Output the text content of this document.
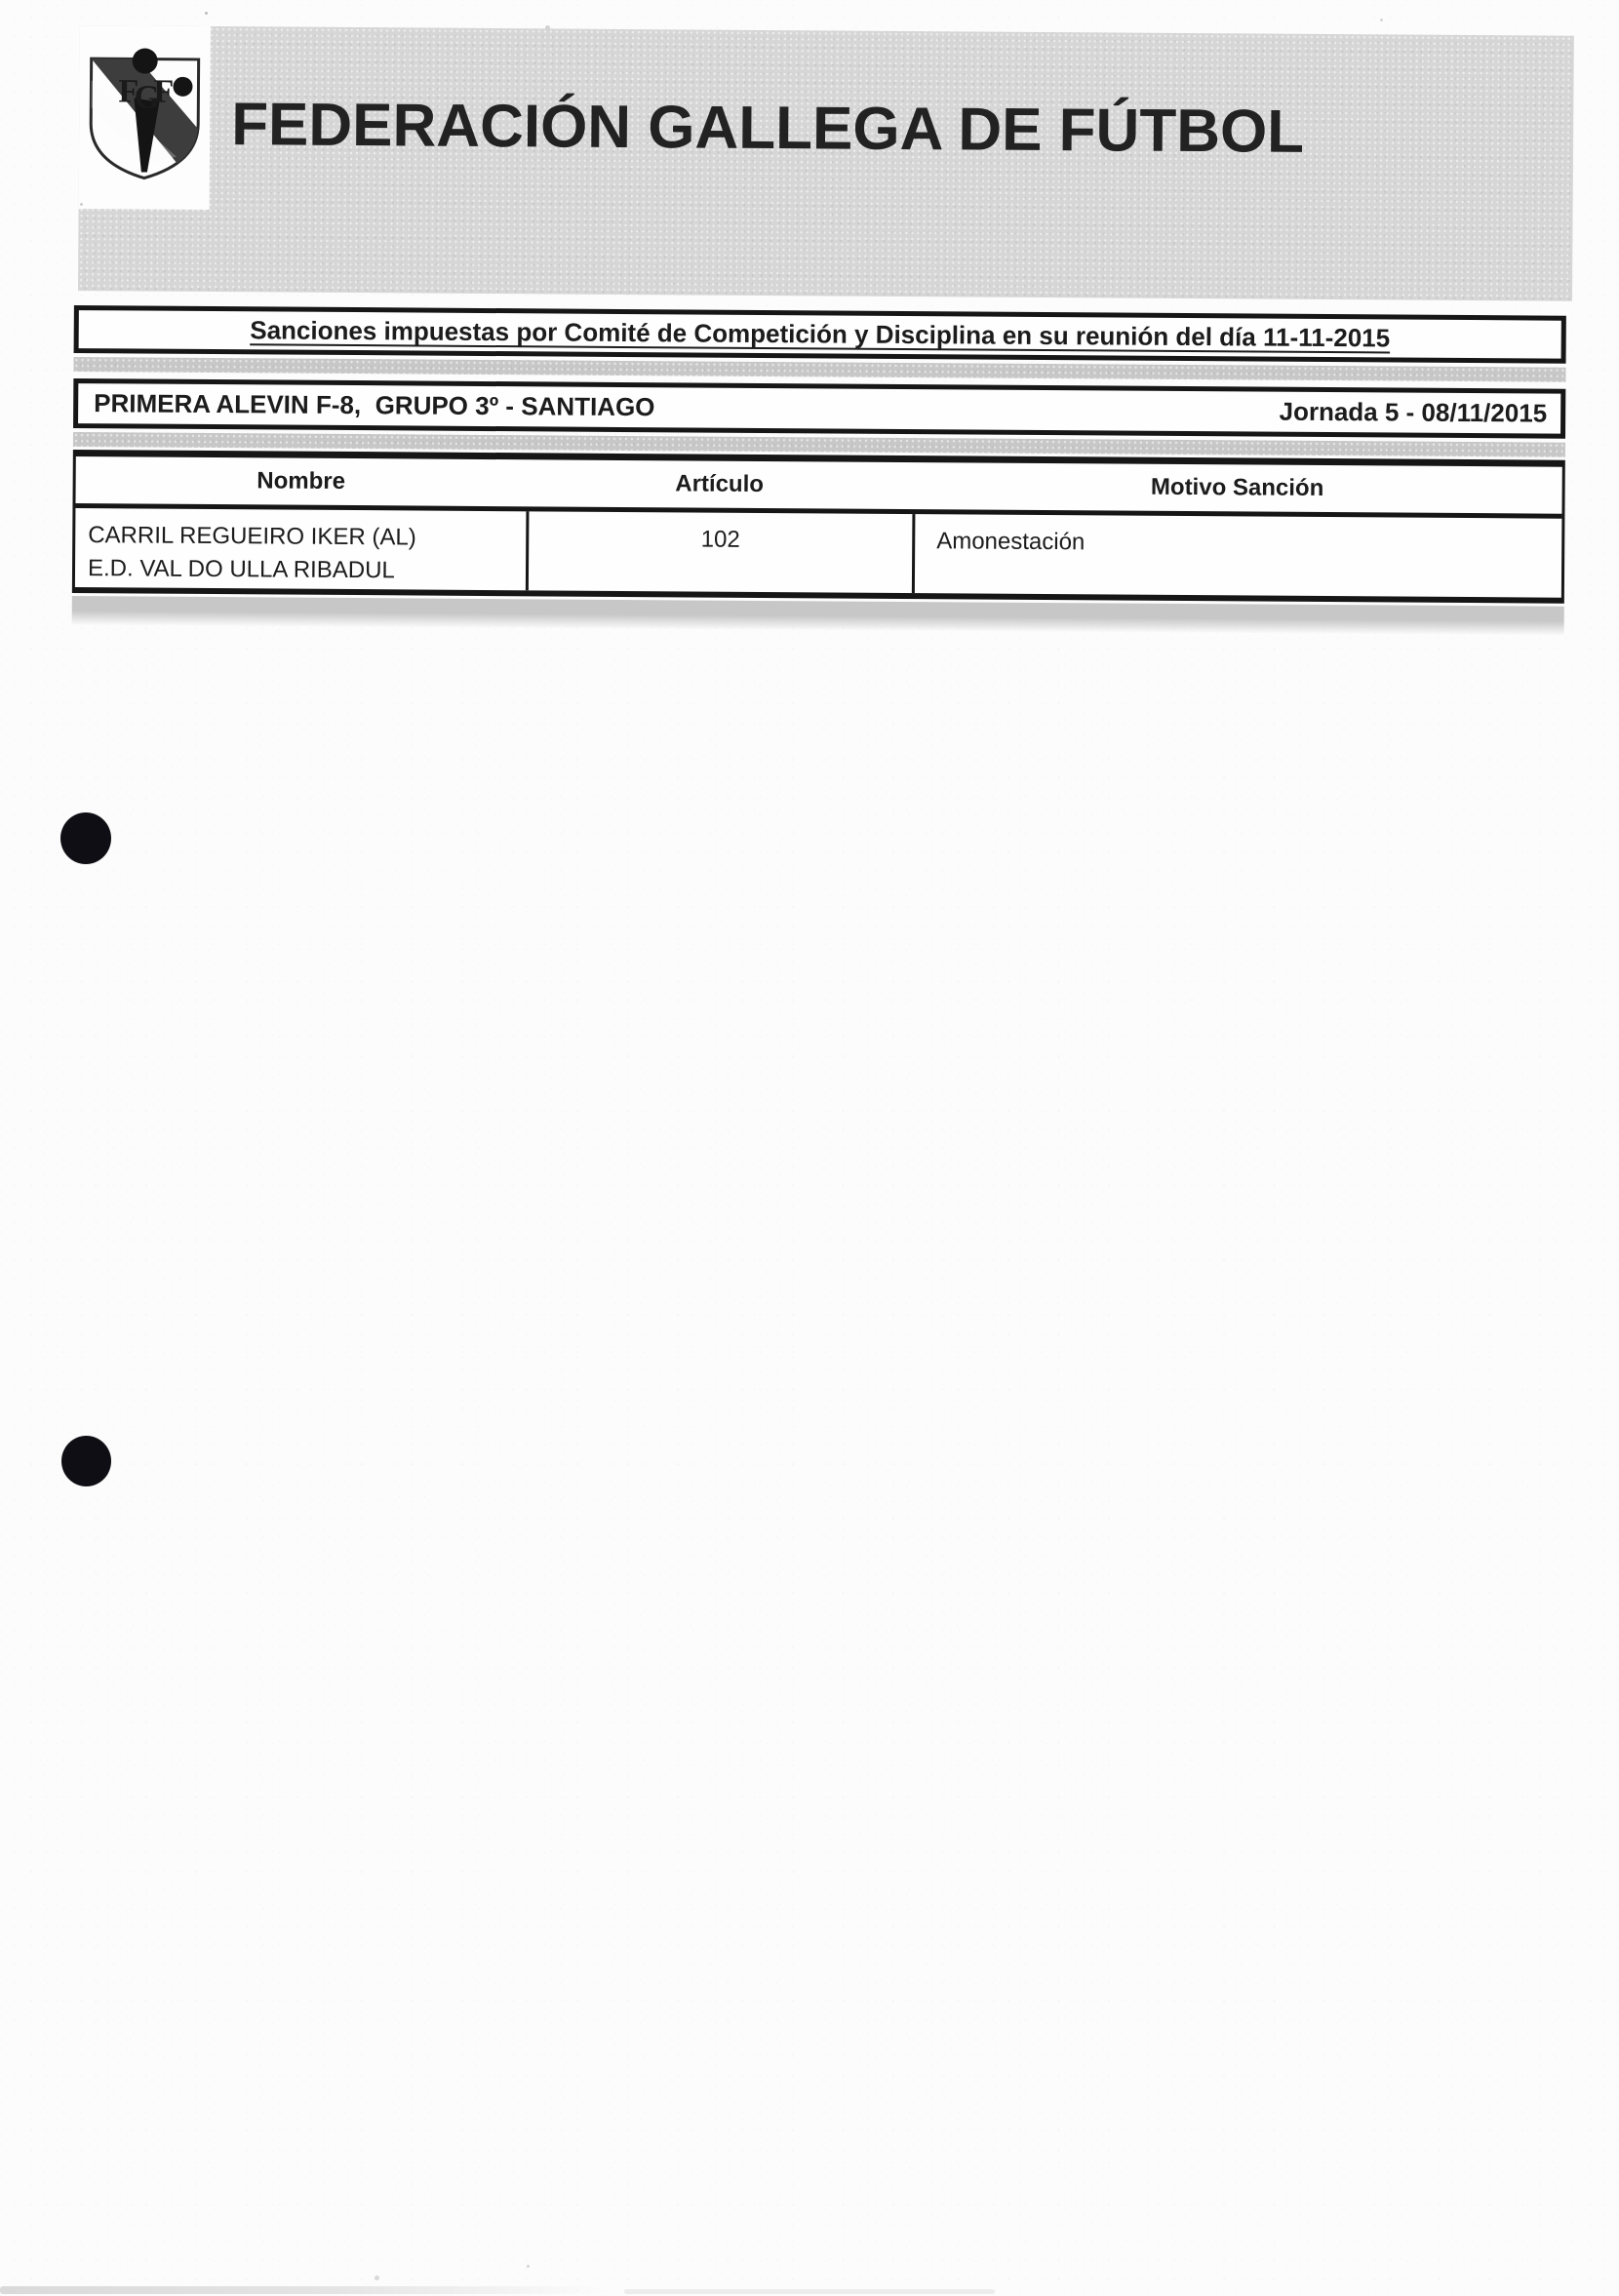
F
G
F FEDERACIÓN GALLEGA DE FÚTBOL
Sanciones impuestas por Comité de Competición y Disciplina en su reunión del día 11-11-2015
PRIMERA ALEVIN F-8,  GRUPO 3º - SANTIAGO	Jornada 5 - 08/11/2015
Nombre	Artículo	Motivo Sanción
CARRIL REGUEIRO IKER (AL)
E.D. VAL DO ULLA RIBADUL
102	Amonestación
